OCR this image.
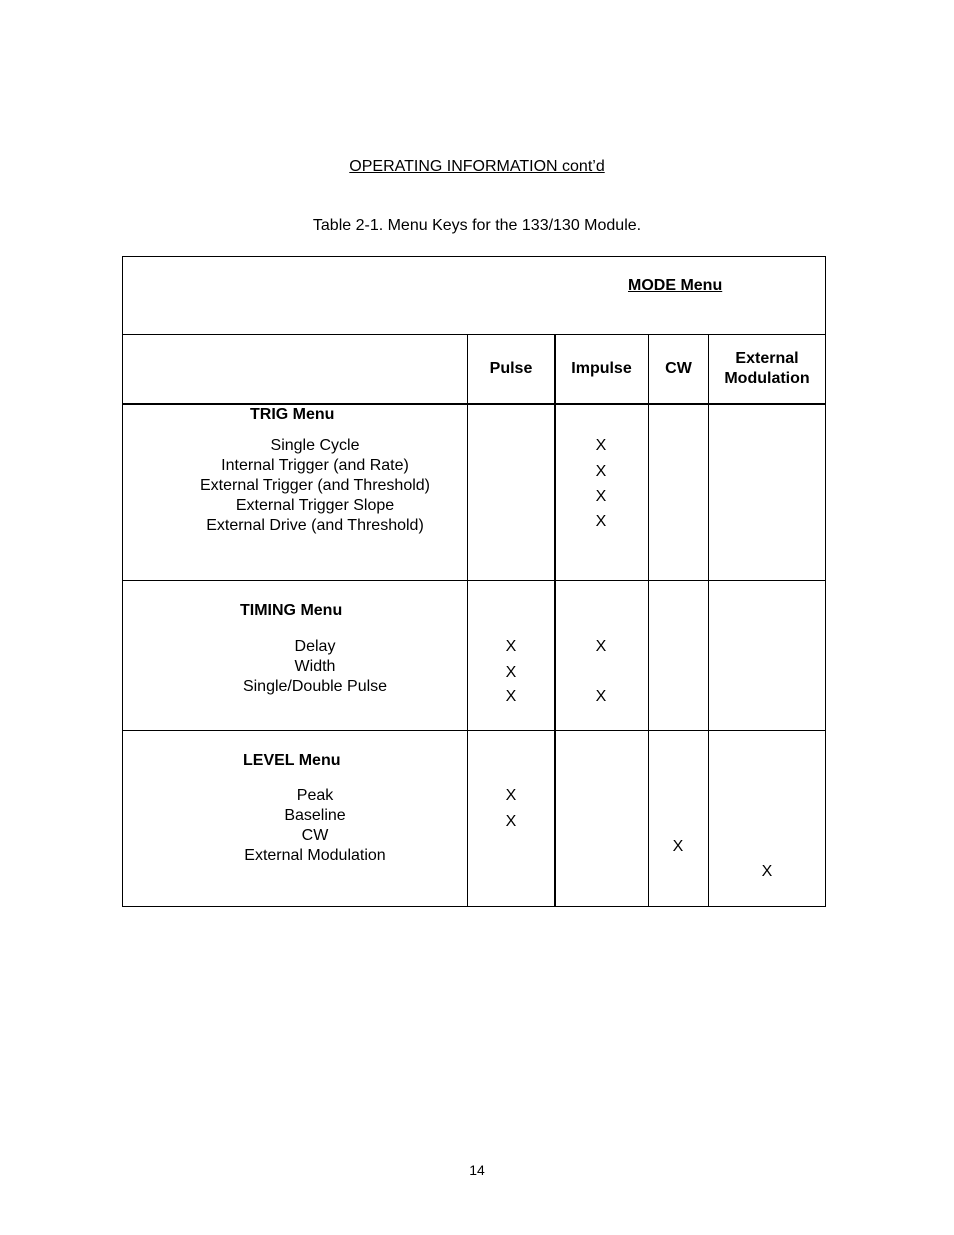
OPERATING INFORMATION cont’d
Table 2-1. Menu Keys for the 133/130 Module.
MODE Menu
Pulse Impulse CW
External
Modulation
TRIG Menu
Single Cycle
Internal Trigger (and Rate)
External Trigger (and Threshold)
External Trigger Slope
External Drive (and Threshold)
X
X
X
X
TIMING Menu
Delay
Width
Single/Double Pulse
X
X
X
X
X
LEVEL Menu
Peak
Baseline
CW
External Modulation
X
X
X
X
14
